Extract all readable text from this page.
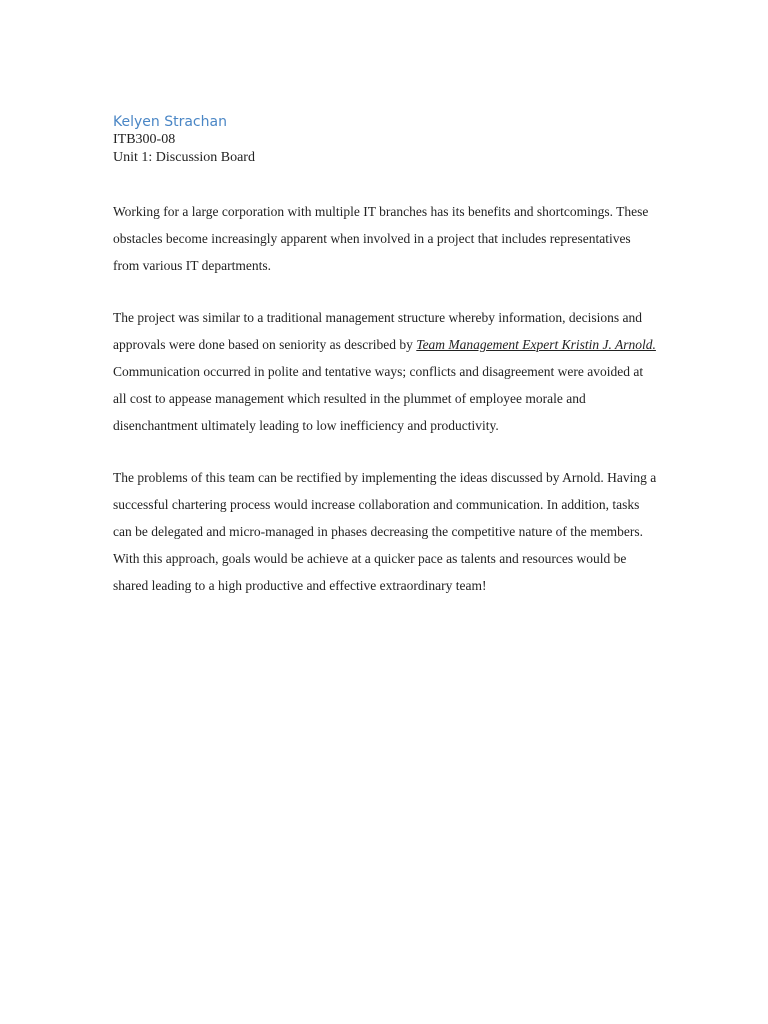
Kelyen Strachan

ITB300-08

Unit 1: Discussion Board

Working for a large corporation with multiple IT branches has its benefits and shortcomings. These obstacles become increasingly apparent when involved in a project that includes representatives from various IT departments.

The project was similar to a traditional management structure whereby information, decisions and approvals were done based on seniority as described by Team Management Expert Kristin J. Arnold. Communication occurred in polite and tentative ways; conflicts and disagreement were avoided at all cost to appease management which resulted in the plummet of employee morale and disenchantment ultimately leading to low inefficiency and productivity.

The problems of this team can be rectified by implementing the ideas discussed by Arnold. Having a successful chartering process would increase collaboration and communication. In addition, tasks can be delegated and micro-managed in phases decreasing the competitive nature of the members. With this approach, goals would be achieve at a quicker pace as talents and resources would be shared leading to a high productive and effective extraordinary team!
